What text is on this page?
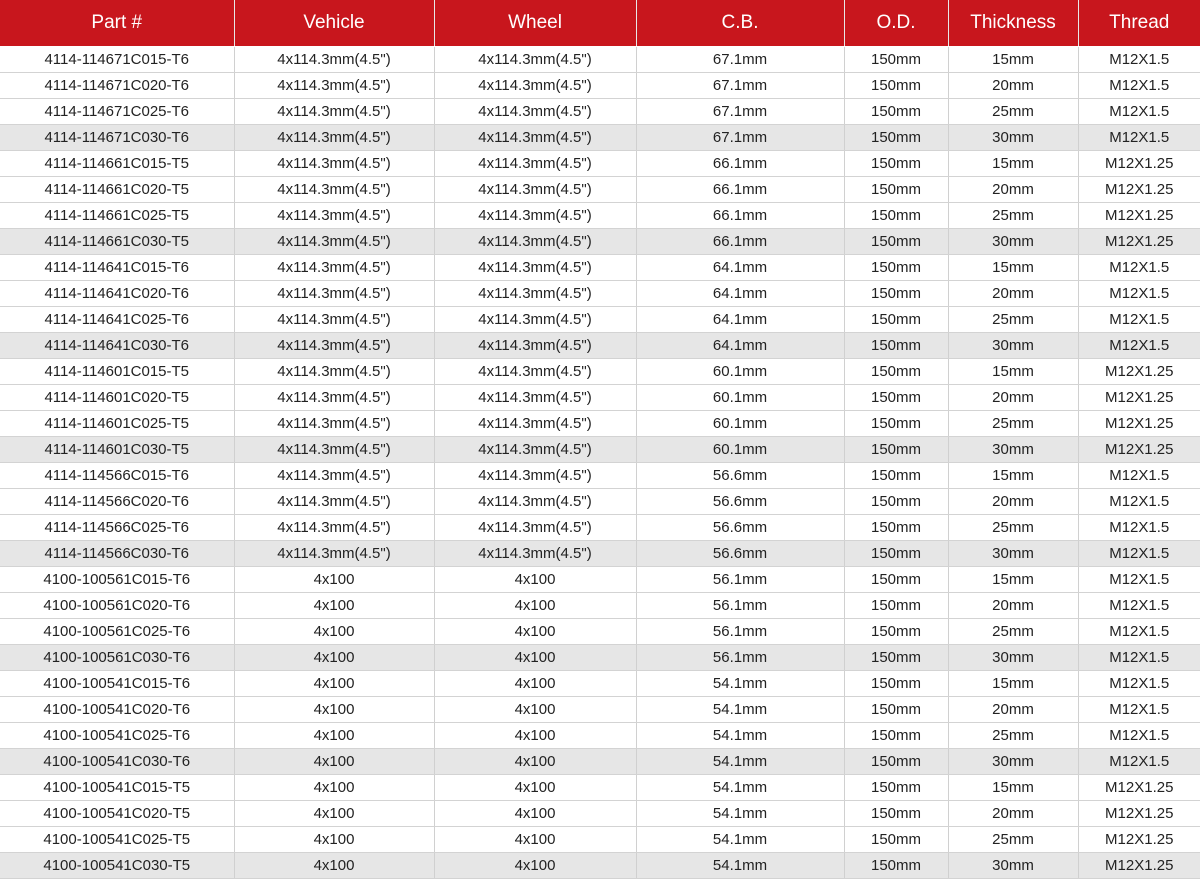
Part #	Vehicle	Wheel	C.B.	O.D.	Thickness	Thread
4114-114671C015-T6	4x114.3mm(4.5")	4x114.3mm(4.5")	67.1mm	150mm	15mm	M12X1.5
4114-114671C020-T6	4x114.3mm(4.5")	4x114.3mm(4.5")	67.1mm	150mm	20mm	M12X1.5
4114-114671C025-T6	4x114.3mm(4.5")	4x114.3mm(4.5")	67.1mm	150mm	25mm	M12X1.5
4114-114671C030-T6	4x114.3mm(4.5")	4x114.3mm(4.5")	67.1mm	150mm	30mm	M12X1.5
4114-114661C015-T5	4x114.3mm(4.5")	4x114.3mm(4.5")	66.1mm	150mm	15mm	M12X1.25
4114-114661C020-T5	4x114.3mm(4.5")	4x114.3mm(4.5")	66.1mm	150mm	20mm	M12X1.25
4114-114661C025-T5	4x114.3mm(4.5")	4x114.3mm(4.5")	66.1mm	150mm	25mm	M12X1.25
4114-114661C030-T5	4x114.3mm(4.5")	4x114.3mm(4.5")	66.1mm	150mm	30mm	M12X1.25
4114-114641C015-T6	4x114.3mm(4.5")	4x114.3mm(4.5")	64.1mm	150mm	15mm	M12X1.5
4114-114641C020-T6	4x114.3mm(4.5")	4x114.3mm(4.5")	64.1mm	150mm	20mm	M12X1.5
4114-114641C025-T6	4x114.3mm(4.5")	4x114.3mm(4.5")	64.1mm	150mm	25mm	M12X1.5
4114-114641C030-T6	4x114.3mm(4.5")	4x114.3mm(4.5")	64.1mm	150mm	30mm	M12X1.5
4114-114601C015-T5	4x114.3mm(4.5")	4x114.3mm(4.5")	60.1mm	150mm	15mm	M12X1.25
4114-114601C020-T5	4x114.3mm(4.5")	4x114.3mm(4.5")	60.1mm	150mm	20mm	M12X1.25
4114-114601C025-T5	4x114.3mm(4.5")	4x114.3mm(4.5")	60.1mm	150mm	25mm	M12X1.25
4114-114601C030-T5	4x114.3mm(4.5")	4x114.3mm(4.5")	60.1mm	150mm	30mm	M12X1.25
4114-114566C015-T6	4x114.3mm(4.5")	4x114.3mm(4.5")	56.6mm	150mm	15mm	M12X1.5
4114-114566C020-T6	4x114.3mm(4.5")	4x114.3mm(4.5")	56.6mm	150mm	20mm	M12X1.5
4114-114566C025-T6	4x114.3mm(4.5")	4x114.3mm(4.5")	56.6mm	150mm	25mm	M12X1.5
4114-114566C030-T6	4x114.3mm(4.5")	4x114.3mm(4.5")	56.6mm	150mm	30mm	M12X1.5
4100-100561C015-T6	4x100	4x100	56.1mm	150mm	15mm	M12X1.5
4100-100561C020-T6	4x100	4x100	56.1mm	150mm	20mm	M12X1.5
4100-100561C025-T6	4x100	4x100	56.1mm	150mm	25mm	M12X1.5
4100-100561C030-T6	4x100	4x100	56.1mm	150mm	30mm	M12X1.5
4100-100541C015-T6	4x100	4x100	54.1mm	150mm	15mm	M12X1.5
4100-100541C020-T6	4x100	4x100	54.1mm	150mm	20mm	M12X1.5
4100-100541C025-T6	4x100	4x100	54.1mm	150mm	25mm	M12X1.5
4100-100541C030-T6	4x100	4x100	54.1mm	150mm	30mm	M12X1.5
4100-100541C015-T5	4x100	4x100	54.1mm	150mm	15mm	M12X1.25
4100-100541C020-T5	4x100	4x100	54.1mm	150mm	20mm	M12X1.25
4100-100541C025-T5	4x100	4x100	54.1mm	150mm	25mm	M12X1.25
4100-100541C030-T5	4x100	4x100	54.1mm	150mm	30mm	M12X1.25
